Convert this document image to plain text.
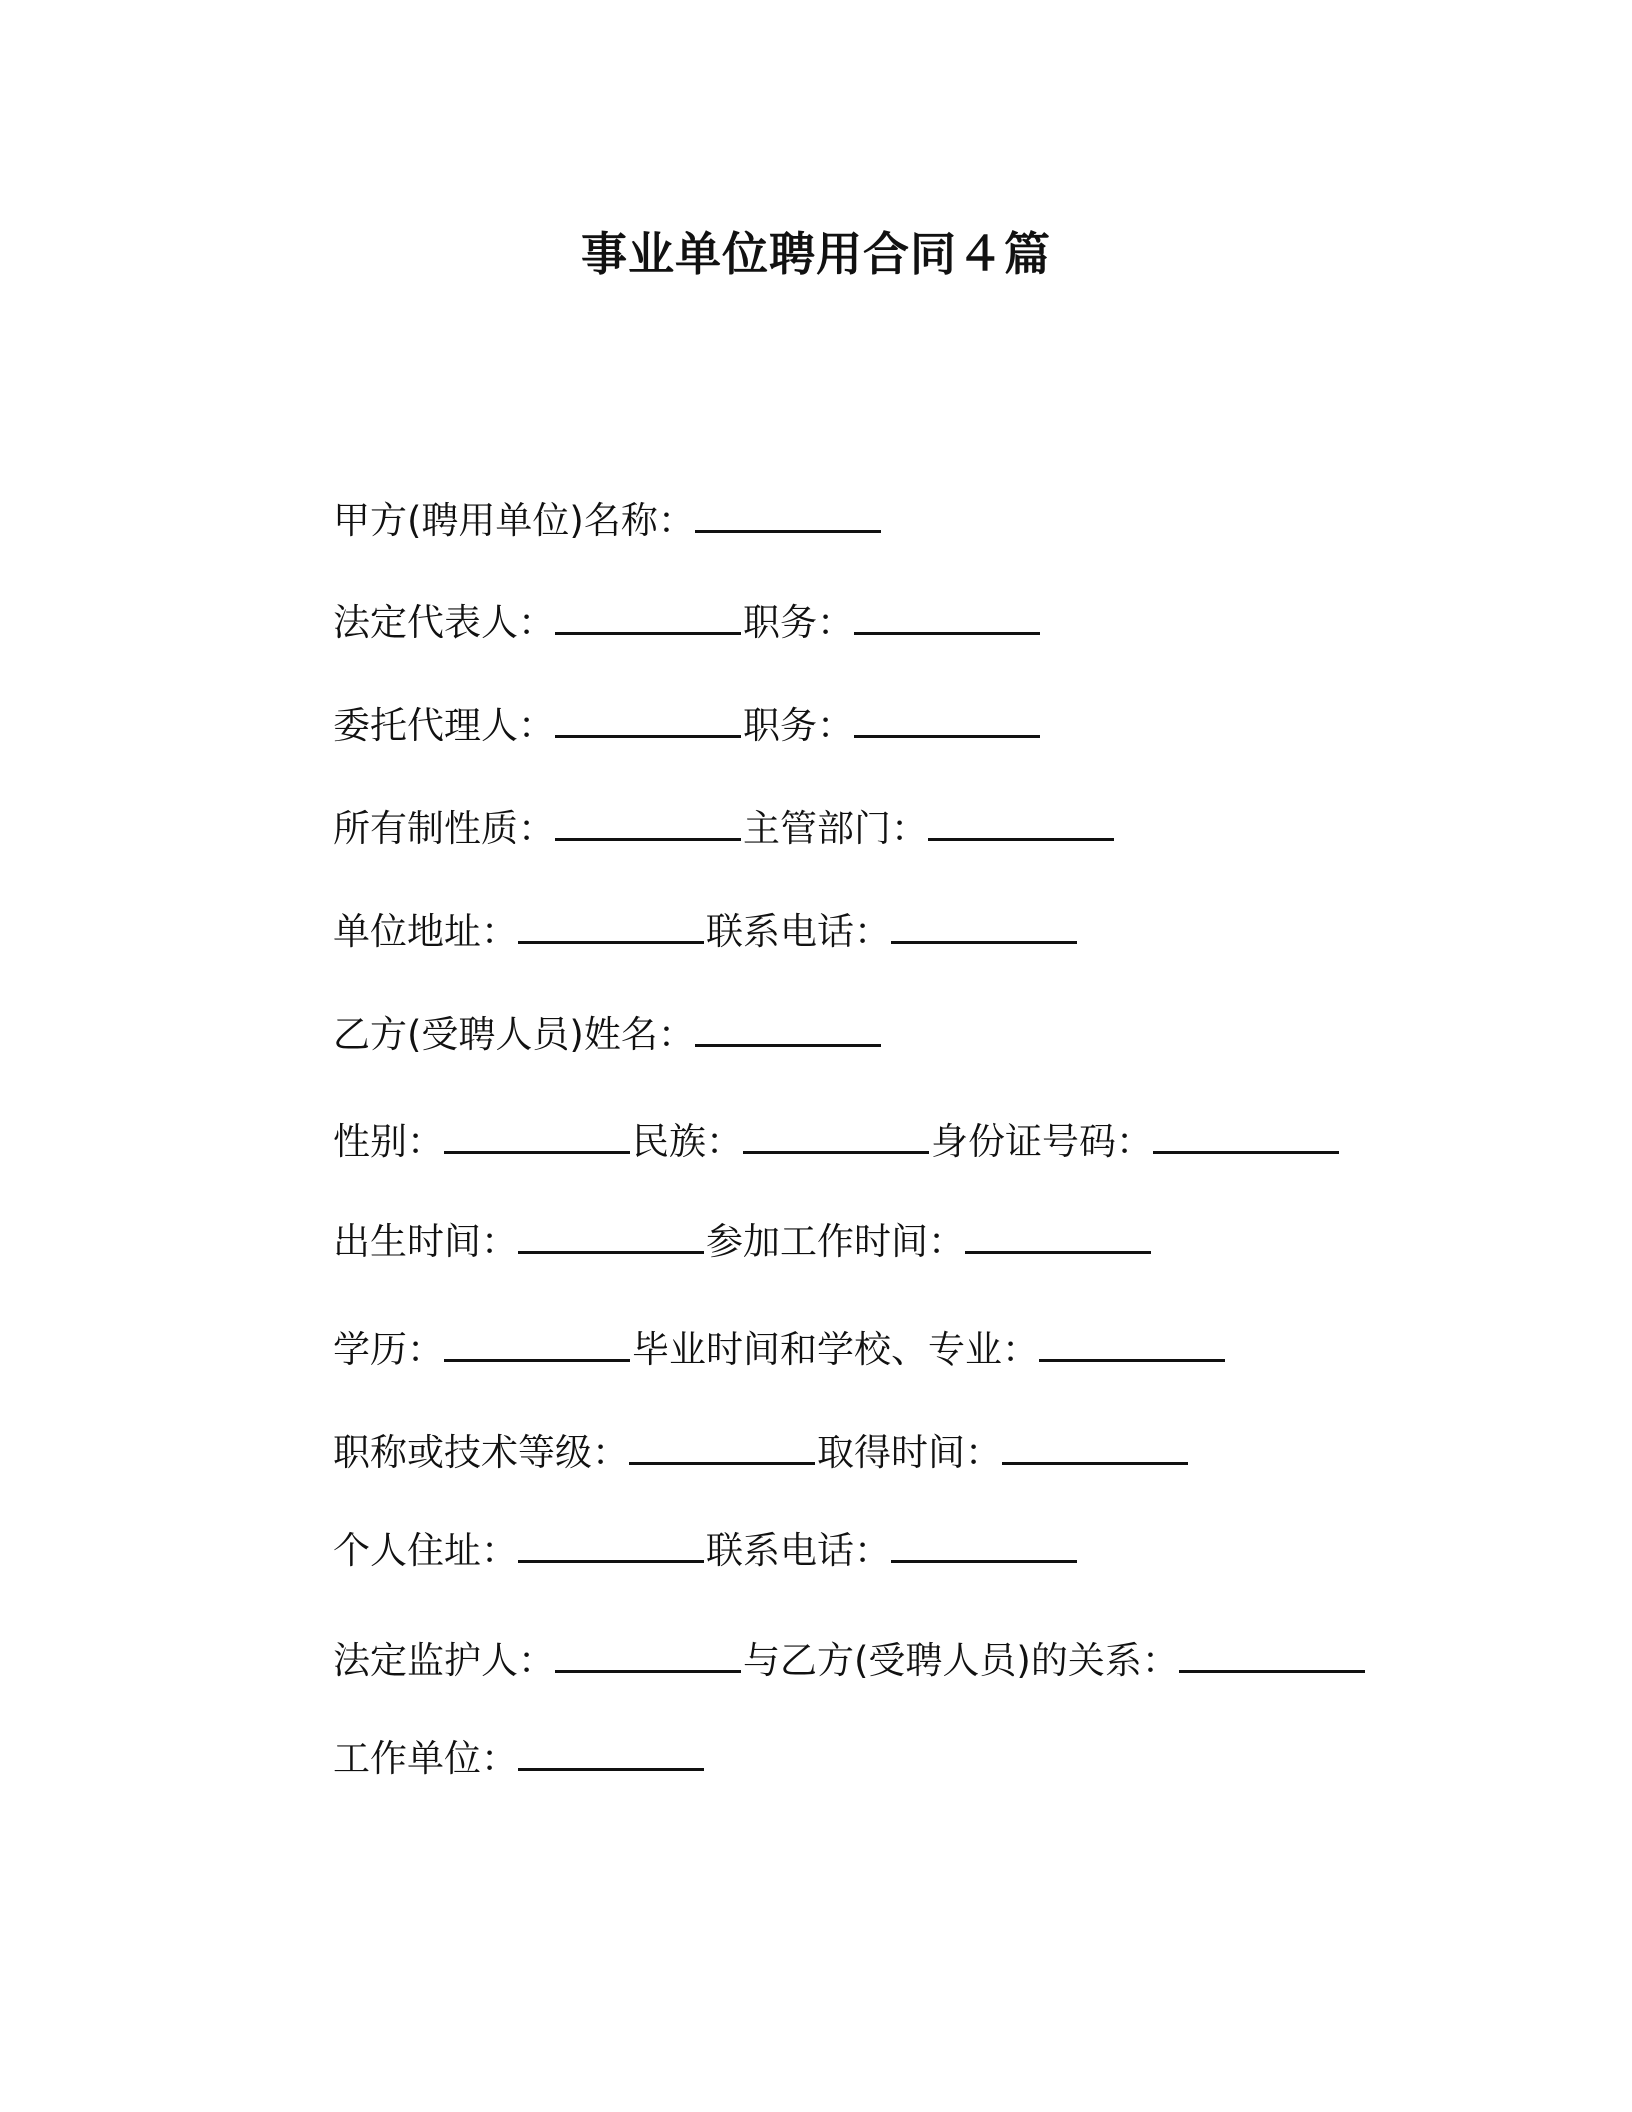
事业单位聘用合同４篇
甲方(聘用单位)名称：
法定代表人：	职务：
委托代理人：	职务：
所有制性质：	主管部门：
单位地址：	联系电话：
乙方(受聘人员)姓名：
性别：	民族：	身份证号码：
出生时间：	参加工作时间：
学历：	毕业时间和学校、专业：
职称或技术等级：	取得时间：
个人住址：	联系电话：
法定监护人：	与乙方(受聘人员)的关系：
工作单位：
